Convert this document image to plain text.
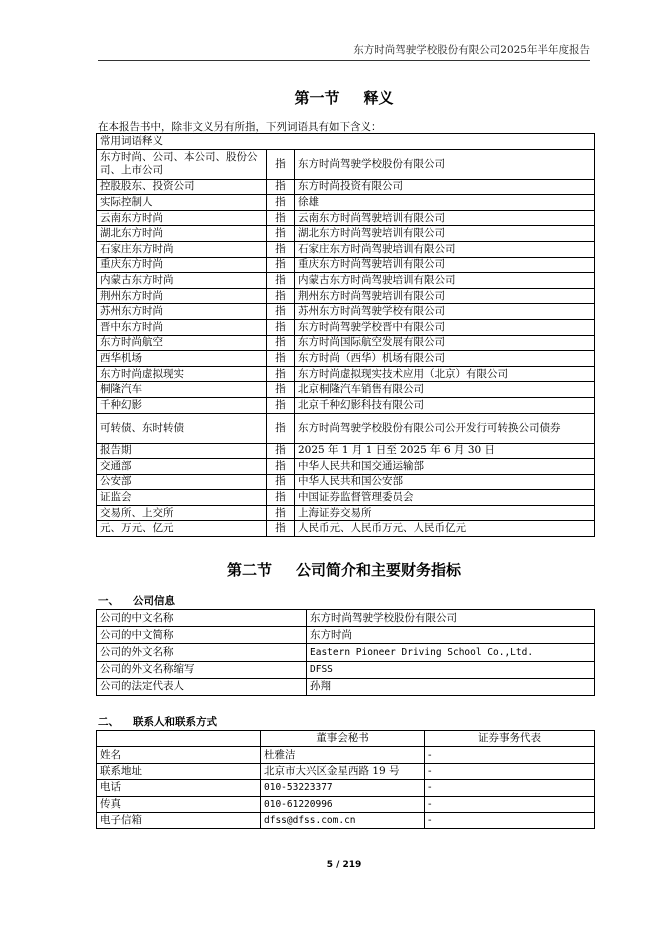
东方时尚驾驶学校股份有限公司2025年半年度报告
第一节 释义
在本报告书中，除非文义另有所指，下列词语具有如下含义：
常用词语释义		
东方时尚、公司、本公司、股份公司、上市公司	指	东方时尚驾驶学校股份有限公司
控股股东、投资公司	指	东方时尚投资有限公司
实际控制人	指	徐雄
云南东方时尚	指	云南东方时尚驾驶培训有限公司
湖北东方时尚	指	湖北东方时尚驾驶培训有限公司
石家庄东方时尚	指	石家庄东方时尚驾驶培训有限公司
重庆东方时尚	指	重庆东方时尚驾驶培训有限公司
内蒙古东方时尚	指	内蒙古东方时尚驾驶培训有限公司
荆州东方时尚	指	荆州东方时尚驾驶培训有限公司
苏州东方时尚	指	苏州东方时尚驾驶学校有限公司
晋中东方时尚	指	东方时尚驾驶学校晋中有限公司
东方时尚航空	指	东方时尚国际航空发展有限公司
西华机场	指	东方时尚（西华）机场有限公司
东方时尚虚拟现实	指	东方时尚虚拟现实技术应用（北京）有限公司
桐隆汽车	指	北京桐隆汽车销售有限公司
千种幻影	指	北京千种幻影科技有限公司
可转债、东时转债	指	东方时尚驾驶学校股份有限公司公开发行可转换公司债券
报告期	指	2025 年 1 月 1 日至 2025 年 6 月 30 日
交通部	指	中华人民共和国交通运输部
公安部	指	中华人民共和国公安部
证监会	指	中国证券监督管理委员会
交易所、上交所	指	上海证券交易所
元、万元、亿元	指	人民币元、人民币万元、人民币亿元
第二节 公司简介和主要财务指标
一、 公司信息
公司的中文名称	东方时尚驾驶学校股份有限公司
公司的中文简称	东方时尚
公司的外文名称	Eastern Pioneer Driving School Co.,Ltd.
公司的外文名称缩写	DFSS
公司的法定代表人	孙翔
二、 联系人和联系方式
	董事会秘书	证券事务代表
姓名	杜雅洁	-
联系地址	北京市大兴区金星西路 19 号	-
电话	010-53223377	-
传真	010-61220996	-
电子信箱	dfss@dfss.com.cn	-
5 / 219
